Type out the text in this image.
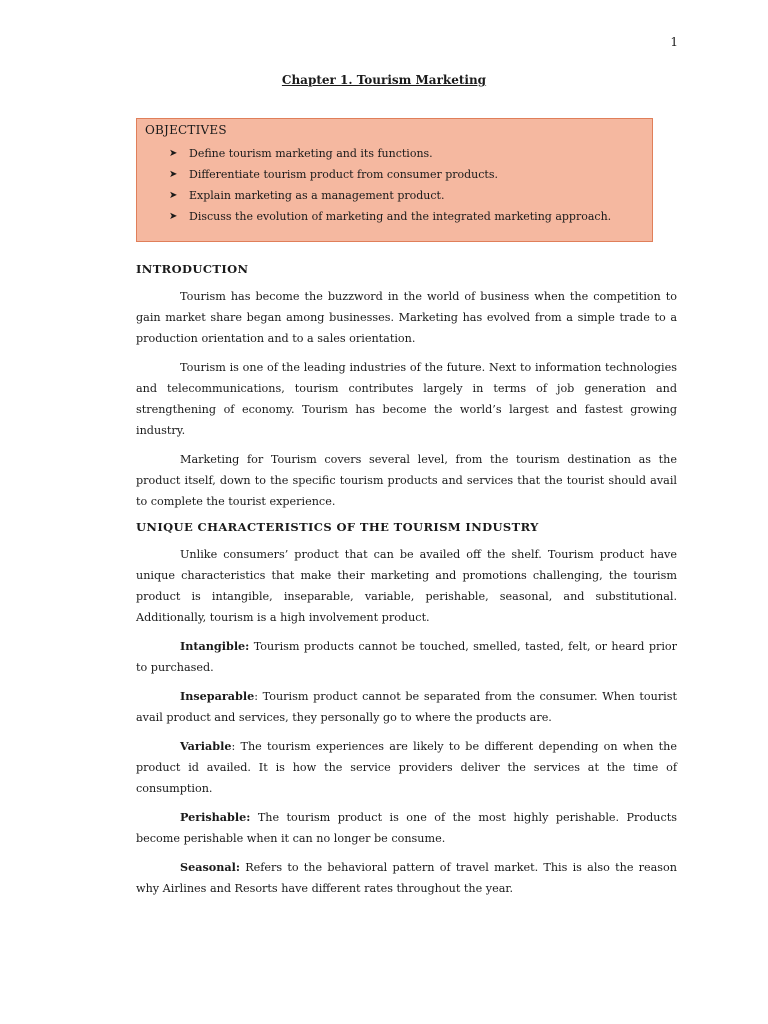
1
Chapter 1. Tourism Marketing
OBJECTIVES
➤	Define tourism marketing and its functions.
➤	Differentiate tourism product from consumer products.
➤	Explain marketing as a management product.
➤	Discuss the evolution of marketing and the integrated marketing approach.
INTRODUCTION

Tourism has become the buzzword in the world of business when the competition to gain market share began among businesses. Marketing has evolved from a simple trade to a production orientation and to a sales orientation.

Tourism is one of the leading industries of the future. Next to information technologies and telecommunications, tourism contributes largely in terms of job generation and strengthening of economy. Tourism has become the world’s largest and fastest growing industry.

Marketing for Tourism covers several level, from the tourism destination as the product itself, down to the specific tourism products and services that the tourist should avail to complete the tourist experience.

UNIQUE CHARACTERISTICS OF THE TOURISM INDUSTRY

Unlike consumers’ product that can be availed off the shelf. Tourism product have unique characteristics that make their marketing and promotions challenging, the tourism product is intangible, inseparable, variable, perishable, seasonal, and substitutional. Additionally, tourism is a high involvement product.

Intangible: Tourism products cannot be touched, smelled, tasted, felt, or heard prior to purchased.

Inseparable: Tourism product cannot be separated from the consumer. When tourist avail product and services, they personally go to where the products are.

Variable: The tourism experiences are likely to be different depending on when the product id availed. It is how the service providers deliver the services at the time of consumption.

Perishable: The tourism product is one of the most highly perishable. Products become perishable when it can no longer be consume.

Seasonal: Refers to the behavioral pattern of travel market. This is also the reason why Airlines and Resorts have different rates throughout the year.
